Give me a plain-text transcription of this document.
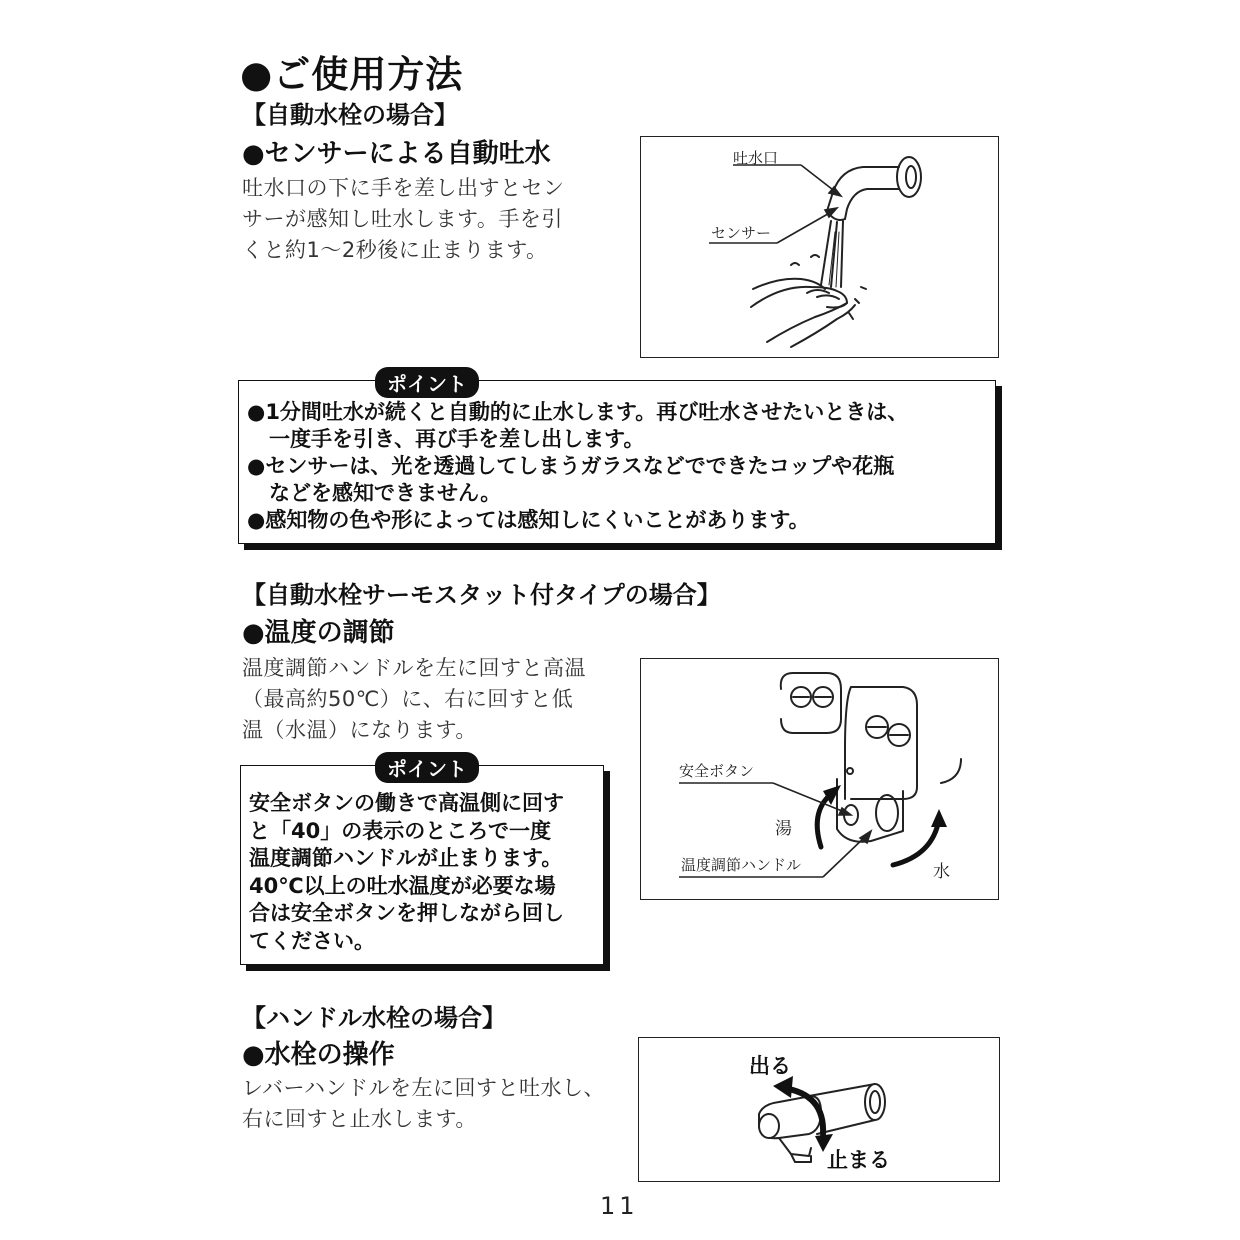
●ご使用方法
【自動水栓の場合】
●センサーによる自動吐水
吐水口の下に手を差し出すとセン
サーが感知し吐水します。手を引
くと約1〜2秒後に止まります。
吐水口
センサー
ポイント
●1分間吐水が続くと自動的に止水します。再び吐水させたいときは、
一度手を引き、再び手を差し出します。
●センサーは、光を透過してしまうガラスなどでできたコップや花瓶
などを感知できません。
●感知物の色や形によっては感知しにくいことがあります。
【自動水栓サーモスタット付タイプの場合】
●温度の調節
温度調節ハンドルを左に回すと高温
（最高約50℃）に、右に回すと低
温（水温）になります。
安全ボタン
湯
温度調節ハンドル	水
ポイント
安全ボタンの働きで高温側に回す
と「40」の表示のところで一度
温度調節ハンドルが止まります。
40℃以上の吐水温度が必要な場
合は安全ボタンを押しながら回し
てください。
【ハンドル水栓の場合】
●水栓の操作
レバーハンドルを左に回すと吐水し、
右に回すと止水します。
出る
止まる
11
